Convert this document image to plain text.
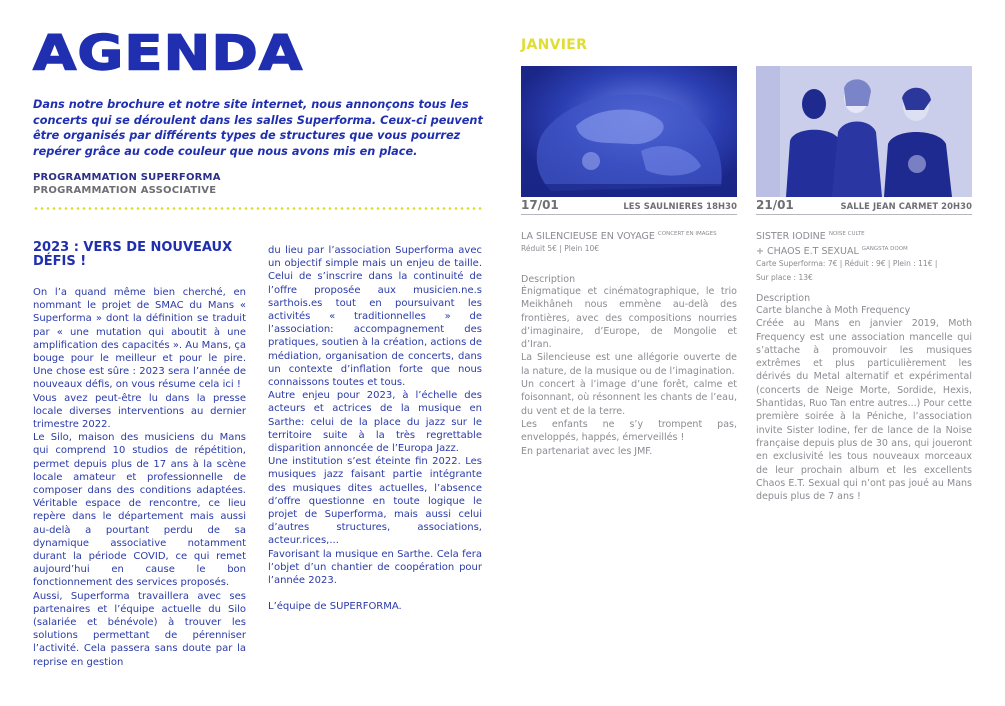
AGENDA

Dans notre brochure et notre site internet, nous annonçons tous les concerts qui se déroulent dans les salles Superforma. Ceux-ci peuvent être organisés par différents types de structures que vous pourrez repérer grâce au code couleur que nous avons mis en place.

PROGRAMMATION SUPERFORMA
PROGRAMMATION ASSOCIATIVE
2023 : VERS DE NOUVEAUX DÉFIS !

On l’a quand même bien cherché, en nommant le projet de SMAC du Mans « Superforma » dont la définition se traduit par « une mutation qui aboutit à une amplification des capacités ». Au Mans, ça bouge pour le meilleur et pour le pire. Une chose est sûre : 2023 sera l’année de nouveaux défis, on vous résume cela ici !

Vous avez peut-être lu dans la presse locale diverses interventions au dernier trimestre 2022.

Le Silo, maison des musiciens du Mans qui comprend 10 studios de répétition, permet depuis plus de 17 ans à la scène locale amateur et professionnelle de composer dans des conditions adaptées. Véritable espace de rencontre, ce lieu repère dans le département mais aussi au-delà a pourtant perdu de sa dynamique associative notamment durant la période COVID, ce qui remet aujourd’hui en cause le bon fonctionnement des services proposés.

Aussi, Superforma travaillera avec ses partenaires et l’équipe actuelle du Silo (salariée et bénévole) à trouver les solutions permettant de pérenniser l’activité. Cela passera sans doute par la reprise en gestion

du lieu par l’association Superforma avec un objectif simple mais un enjeu de taille. Celui de s’inscrire dans la continuité de l’offre proposée aux musicien.ne.s sarthois.es tout en poursuivant les activités « traditionnelles » de l’association: accompagnement des pratiques, soutien à la création, actions de médiation, organisation de concerts, dans un contexte d’inflation forte que nous connaissons toutes et tous.

Autre enjeu pour 2023, à l’échelle des acteurs et actrices de la musique en Sarthe: celui de la place du jazz sur le territoire suite à la très regrettable disparition annoncée de l’Europa Jazz.

Une institution s’est éteinte fin 2022. Les musiques jazz faisant partie intégrante des musiques dites actuelles, l’absence d’offre questionne en toute logique le projet de Superforma, mais aussi celui d’autres structures, associations, acteur.rices,...

Favorisant la musique en Sarthe. Cela fera l’objet d’un chantier de coopération pour l’année 2023.

L’équipe de SUPERFORMA.

JANVIER
17/01	LES SAULNIERES 18H30 21/01	SALLE JEAN CARMET 20H30
LA SILENCIEUSE EN VOYAGE $^{CONCERT EN IMAGES}$
Réduit 5€ | Plein 10€
Description

Énigmatique et cinématographique, le trio Meikhâneh nous emmène au-delà des frontières, avec des compositions nourries d’imaginaire, d’Europe, de Mongolie et d’Iran.

La Silencieuse est une allégorie ouverte de la nature, de la musique ou de l’imagination.

Un concert à l’image d’une forêt, calme et foisonnant, où résonnent les chants de l’eau, du vent et de la terre.

Les enfants ne s’y trompent pas, enveloppés, happés, émerveillés !

En partenariat avec les JMF.

SISTER IODINE $^{NOISE CULTE}$
+ CHAOS E.T SEXUAL $^{GANGSTA DOOM}$
Carte Superforma: 7€ | Réduit : 9€ | Plein : 11€ |
Sur place : 13€
Description

Carte blanche à Moth Frequency

Créée au Mans en janvier 2019, Moth Frequency est une association mancelle qui s’attache à promouvoir les musiques extrêmes et plus particulièrement les dérivés du Metal alternatif et expérimental (concerts de Neige Morte, Sordide, Hexis, Shantidas, Ruo Tan entre autres...) Pour cette première soirée à la Péniche, l’association invite Sister Iodine, fer de lance de la Noise française depuis plus de 30 ans, qui joueront en exclusivité les tous nouveaux morceaux de leur prochain album et les excellents Chaos E.T. Sexual qui n’ont pas joué au Mans depuis plus de 7 ans !
